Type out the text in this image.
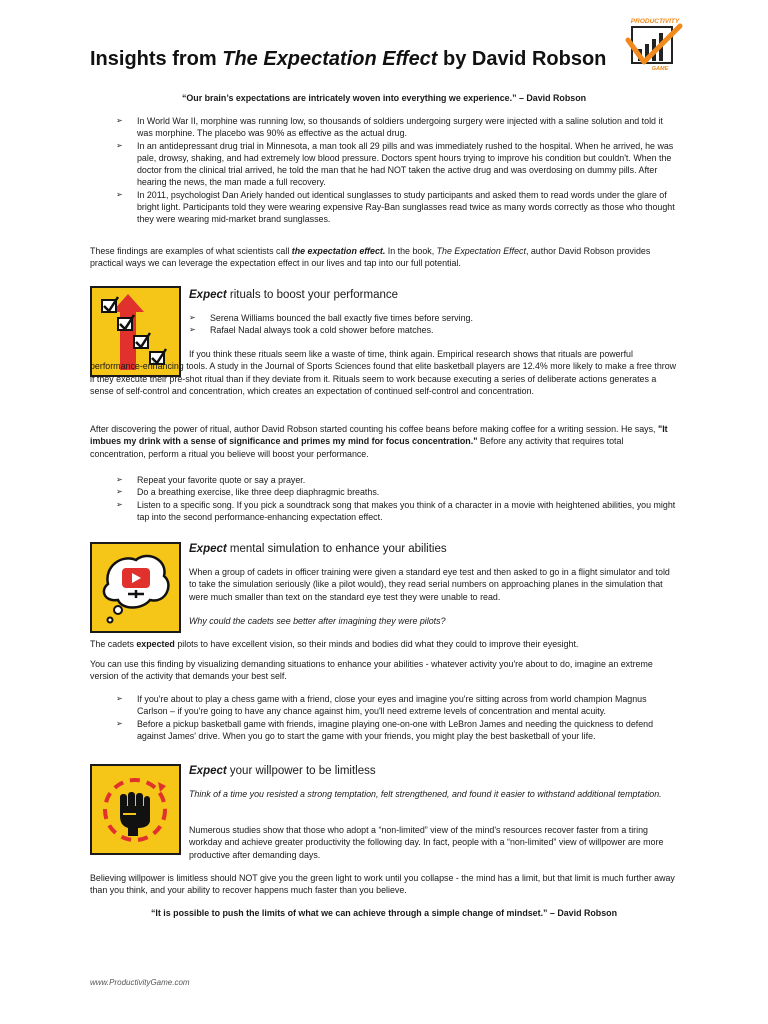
Insights from The Expectation Effect by David Robson
PRODUCTIVITY
GAME
“Our brain’s expectations are intricately woven into everything we experience.” – David Robson
➢ In World War II, morphine was running low, so thousands of soldiers undergoing surgery were injected with a saline solution and told it was morphine. The placebo was 90% as effective as the actual drug.
➢ In an antidepressant drug trial in Minnesota, a man took all 29 pills and was immediately rushed to the hospital. When he arrived, he was pale, drowsy, shaking, and had extremely low blood pressure. Doctors spent hours trying to improve his condition but couldn't. When the doctor from the clinical trial arrived, he told the man that he had NOT taken the active drug and was overdosing on dummy pills. After hearing the news, the man made a full recovery.
➢ In 2011, psychologist Dan Ariely handed out identical sunglasses to study participants and asked them to read words under the glare of bright light. Participants told they were wearing expensive Ray-Ban sunglasses read twice as many words correctly as those who thought they were wearing mid-market brand sunglasses.

These findings are examples of what scientists call the expectation effect. In the book, The Expectation Effect, author David Robson provides practical ways we can leverage the expectation effect in our lives and tap into our full potential.

Expect rituals to boost your performance
➢ Serena Williams bounced the ball exactly five times before serving.
➢ Rafael Nadal always took a cold shower before matches.

If you think these rituals seem like a waste of time, think again. Empirical research shows that rituals are powerful performance-enhancing tools. A study in the Journal of Sports Sciences found that elite basketball players are 12.4% more likely to make a free throw if they execute their pre-shot ritual than if they deviate from it. Rituals seem to work because executing a series of deliberate actions generates a sense of self-control and concentration, which creates an expectation of continued self-control and concentration.

After discovering the power of ritual, author David Robson started counting his coffee beans before making coffee for a writing session. He says, "It imbues my drink with a sense of significance and primes my mind for focus concentration." Before any activity that requires total concentration, perform a ritual you believe will boost your performance.

➢ Repeat your favorite quote or say a prayer.
➢ Do a breathing exercise, like three deep diaphragmic breaths.
➢ Listen to a specific song. If you pick a soundtrack song that makes you think of a character in a movie with heightened abilities, you might tap into the second performance-enhancing expectation effect.
Expect mental simulation to enhance your abilities

When a group of cadets in officer training were given a standard eye test and then asked to go in a flight simulator and told to take the simulation seriously (like a pilot would), they read serial numbers on approaching planes in the simulation that were much smaller than text on the standard eye test they were unable to read.

Why could the cadets see better after imagining they were pilots?

The cadets expected pilots to have excellent vision, so their minds and bodies did what they could to improve their eyesight.

You can use this finding by visualizing demanding situations to enhance your abilities - whatever activity you're about to do, imagine an extreme version of the activity that demands your best self.

➢ If you're about to play a chess game with a friend, close your eyes and imagine you're sitting across from world champion Magnus Carlson – if you're going to have any chance against him, you'll need extreme levels of concentration and mental acuity.
➢ Before a pickup basketball game with friends, imagine playing one-on-one with LeBron James and needing the quickness to defend against James' drive. When you go to start the game with your friends, you might play the best basketball of your life.
Expect your willpower to be limitless

Think of a time you resisted a strong temptation, felt strengthened, and found it easier to withstand additional temptation.

Numerous studies show that those who adopt a “non-limited” view of the mind's resources recover faster from a tiring workday and achieve greater productivity the following day. In fact, people with a “non-limited” view of willpower are more productive after demanding days.

Believing willpower is limitless should NOT give you the green light to work until you collapse - the mind has a limit, but that limit is much further away than you think, and your ability to recover happens much faster than you believe.

“It is possible to push the limits of what we can achieve through a simple change of mindset.” – David Robson
www.ProductivityGame.com
